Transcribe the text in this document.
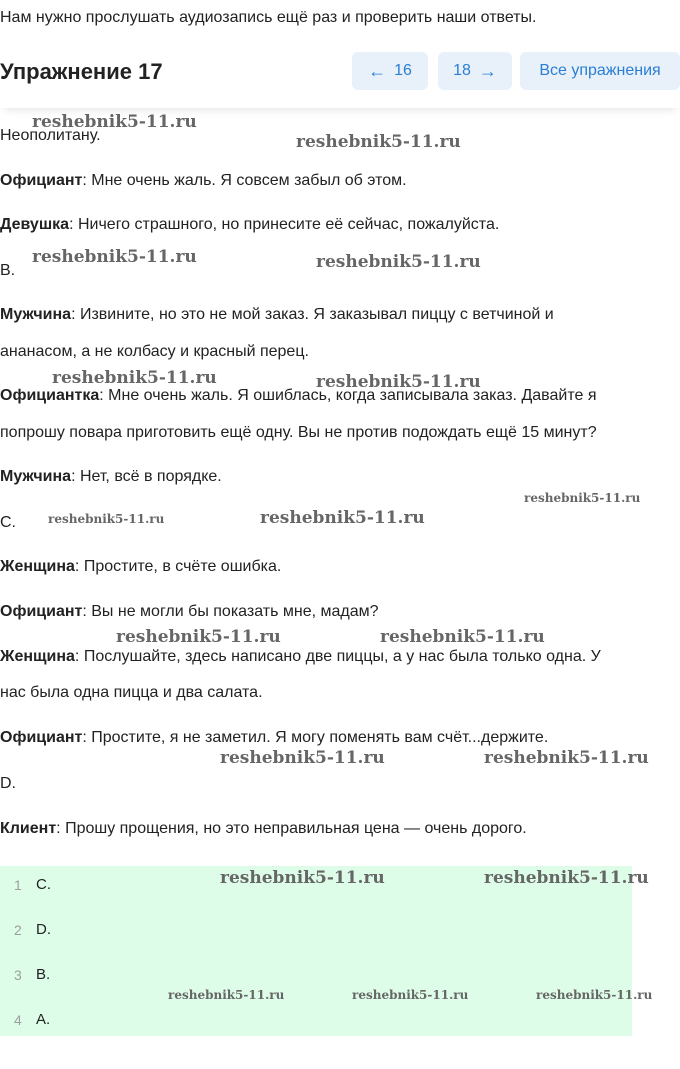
Нам нужно прослушать аудиозапись ещё раз и проверить наши ответы.
Упражнение 17	← 16	18 →	Все упражнения
Неополитану.
Официант: Мне очень жаль. Я совсем забыл об этом.
Девушка: Ничего страшного, но принесите её сейчас, пожалуйста.
B.
Мужчина: Извините, но это не мой заказ. Я заказывал пиццу с ветчиной и
ананасом, а не колбасу и красный перец.
Официантка: Мне очень жаль. Я ошиблась, когда записывала заказ. Давайте я
попрошу повара приготовить ещё одну. Вы не против подождать ещё 15 минут?
Мужчина: Нет, всё в порядке.
C.
Женщина: Простите, в счёте ошибка.
Официант: Вы не могли бы показать мне, мадам?
Женщина: Послушайте, здесь написано две пиццы, а у нас была только одна. У
нас была одна пицца и два салата.
Официант: Простите, я не заметил. Я могу поменять вам счёт...держите.
D.
Клиент: Прошу прощения, но это неправильная цена — очень дорого.
1 C.
2 D.
3 B.
4 A.
reshebnik5-11.ru
reshebnik5-11.ru
reshebnik5-11.ru	reshebnik5-11.ru
reshebnik5-11.ru	reshebnik5-11.ru
reshebnik5-11.ru
reshebnik5-11.ru	reshebnik5-11.ru
reshebnik5-11.ru	reshebnik5-11.ru
reshebnik5-11.ru	reshebnik5-11.ru
reshebnik5-11.ru	reshebnik5-11.ru
reshebnik5-11.ru	reshebnik5-11.ru	reshebnik5-11.ru
